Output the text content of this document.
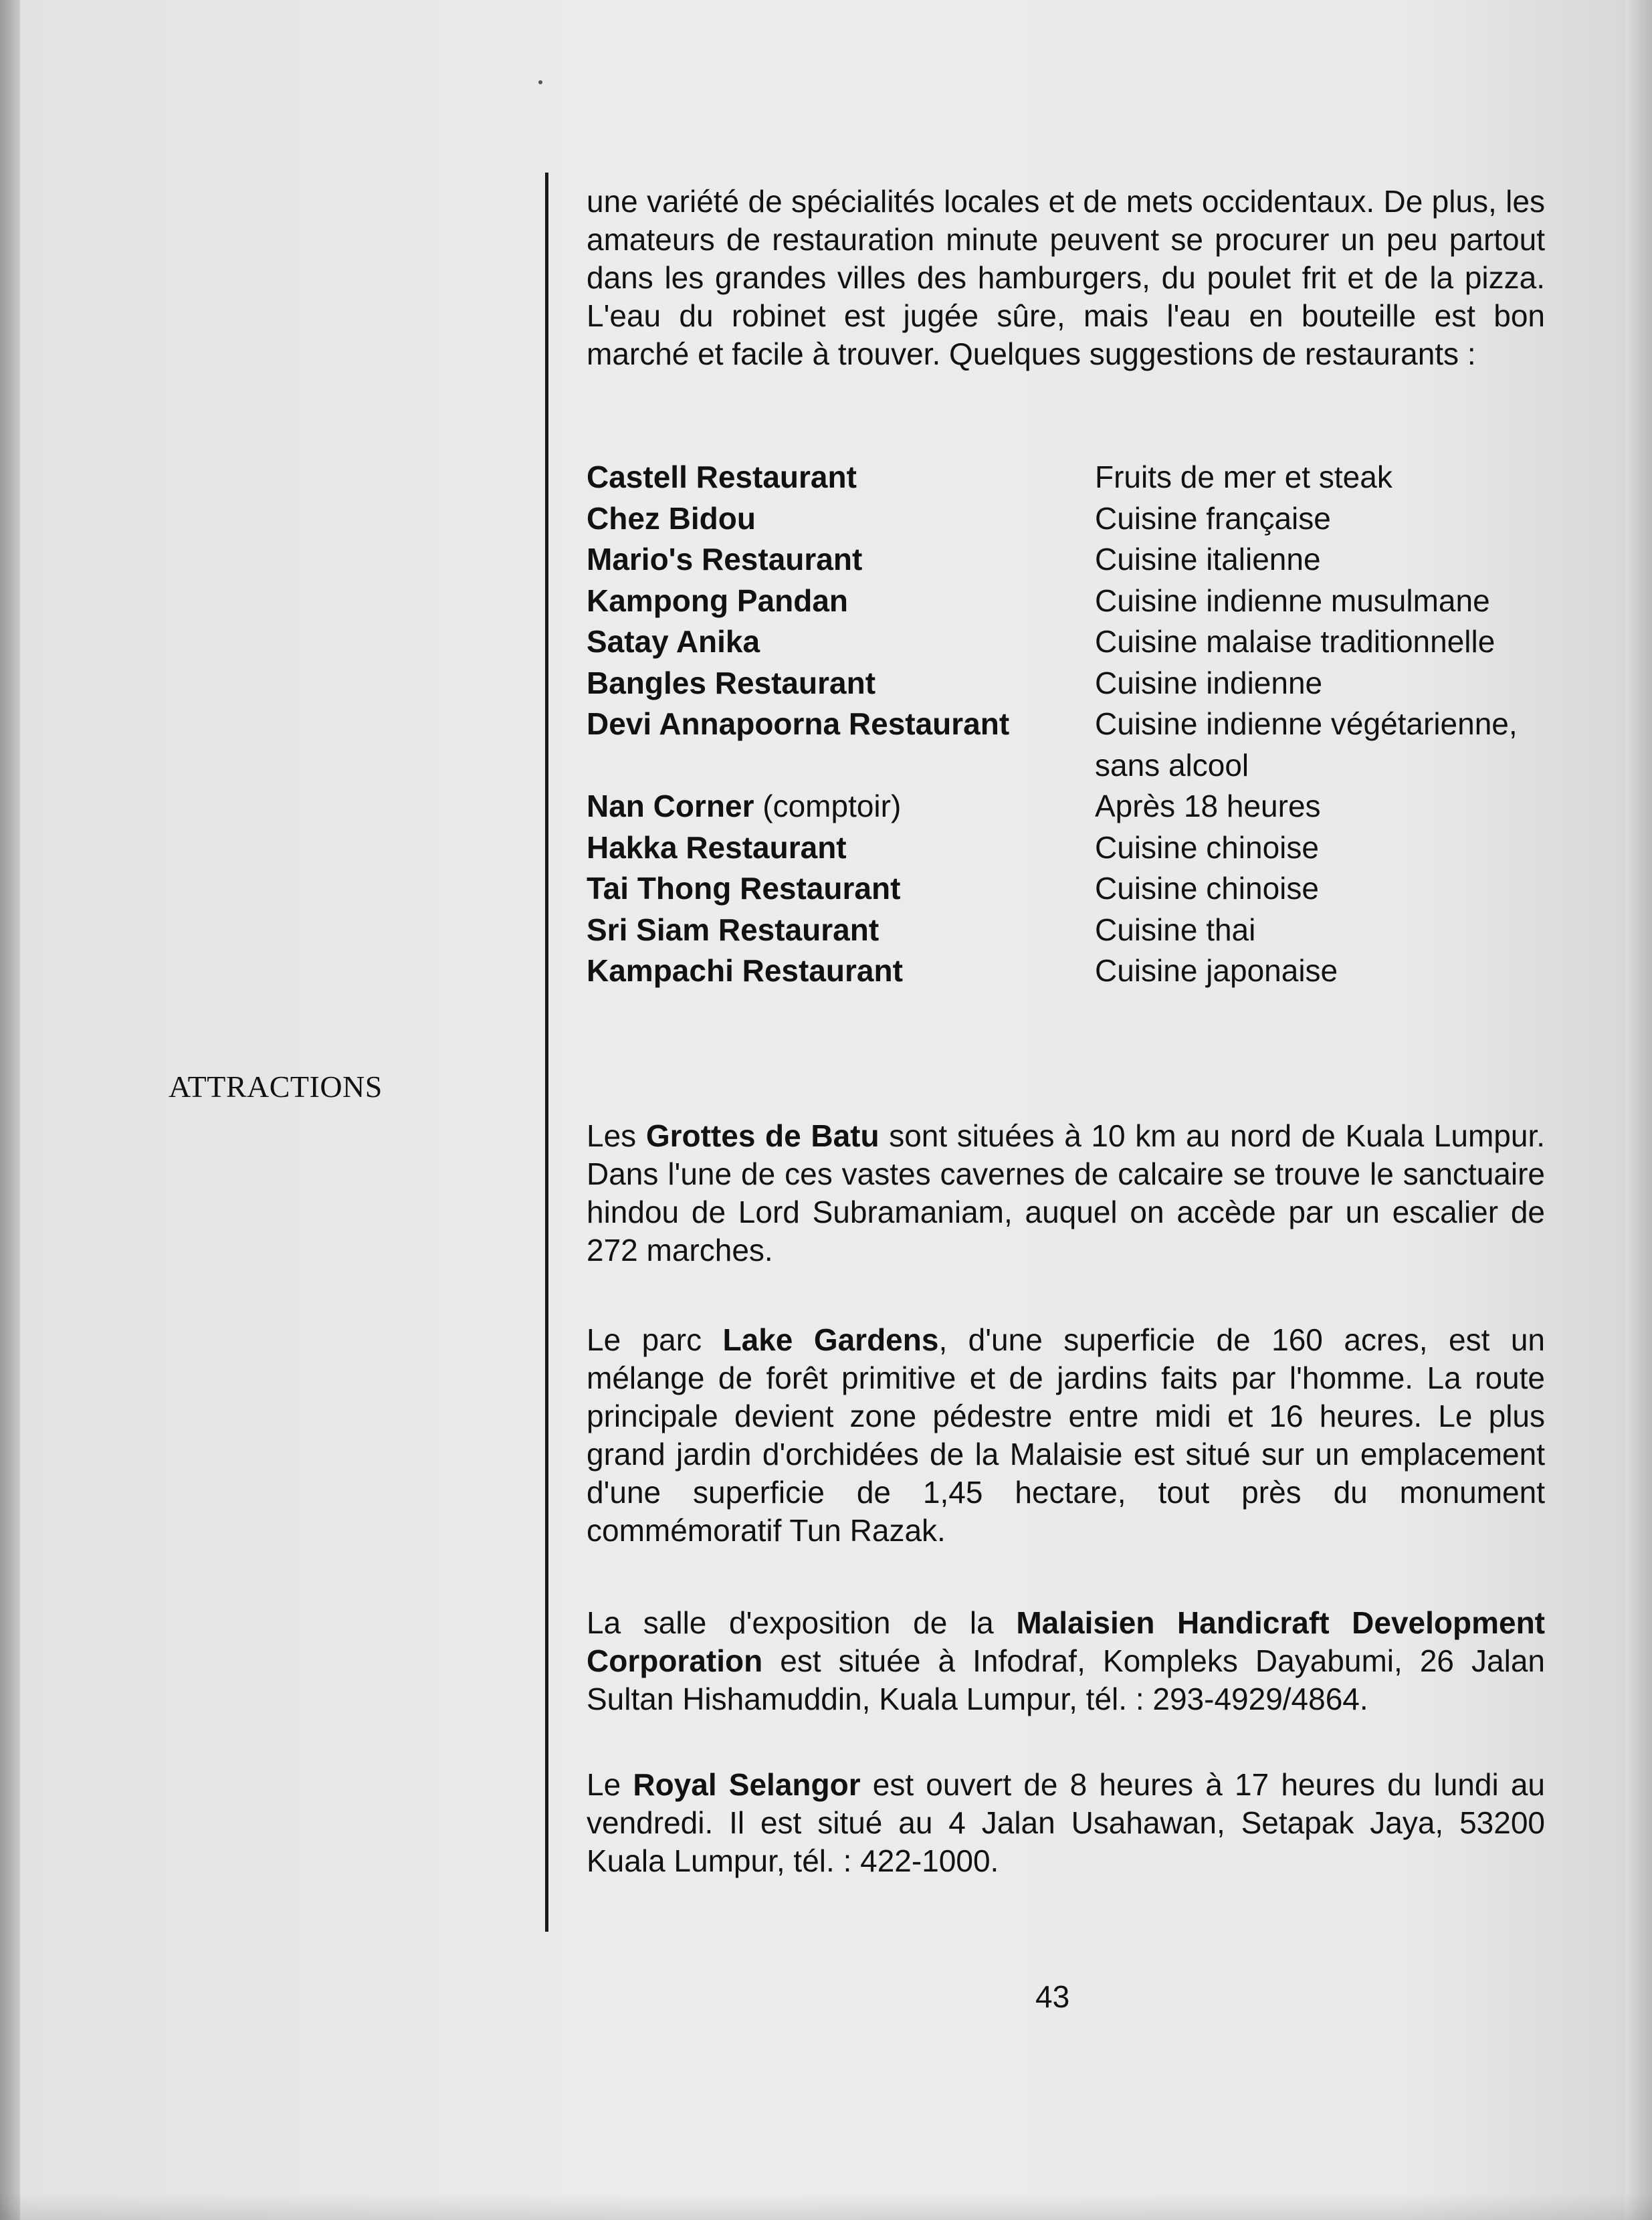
une variété de spécialités locales et de mets occidentaux. De plus, les amateurs de restauration minute peuvent se procurer un peu partout dans les grandes villes des hamburgers, du poulet frit et de la pizza. L'eau du robinet est jugée sûre, mais l'eau en bouteille est bon marché et facile à trouver. Quelques suggestions de restaurants :

Castell Restaurant	Fruits de mer et steak
Chez Bidou	Cuisine française
Mario's Restaurant	Cuisine italienne
Kampong Pandan	Cuisine indienne musulmane
Satay Anika	Cuisine malaise traditionnelle
Bangles Restaurant	Cuisine indienne
Devi Annapoorna Restaurant	Cuisine indienne végétarienne, sans alcool
Nan Corner (comptoir)	Après 18 heures
Hakka Restaurant	Cuisine chinoise
Tai Thong Restaurant	Cuisine chinoise
Sri Siam Restaurant	Cuisine thai
Kampachi Restaurant	Cuisine japonaise
ATTRACTIONS

Les Grottes de Batu sont situées à 10 km au nord de Kuala Lumpur. Dans l'une de ces vastes cavernes de calcaire se trouve le sanctuaire hindou de Lord Subramaniam, auquel on accède par un escalier de 272 marches.

Le parc Lake Gardens, d'une superficie de 160 acres, est un mélange de forêt primitive et de jardins faits par l'homme. La route principale devient zone pédestre entre midi et 16 heures. Le plus grand jardin d'orchidées de la Malaisie est situé sur un emplacement d'une superficie de 1,45 hectare, tout près du monument commémoratif Tun Razak.

La salle d'exposition de la Malaisien Handicraft Development Corporation est située à Infodraf, Kompleks Dayabumi, 26 Jalan Sultan Hishamuddin, Kuala Lumpur, tél. : 293-4929/4864.

Le Royal Selangor est ouvert de 8 heures à 17 heures du lundi au vendredi. Il est situé au 4 Jalan Usahawan, Setapak Jaya, 53200 Kuala Lumpur, tél. : 422-1000.

43
